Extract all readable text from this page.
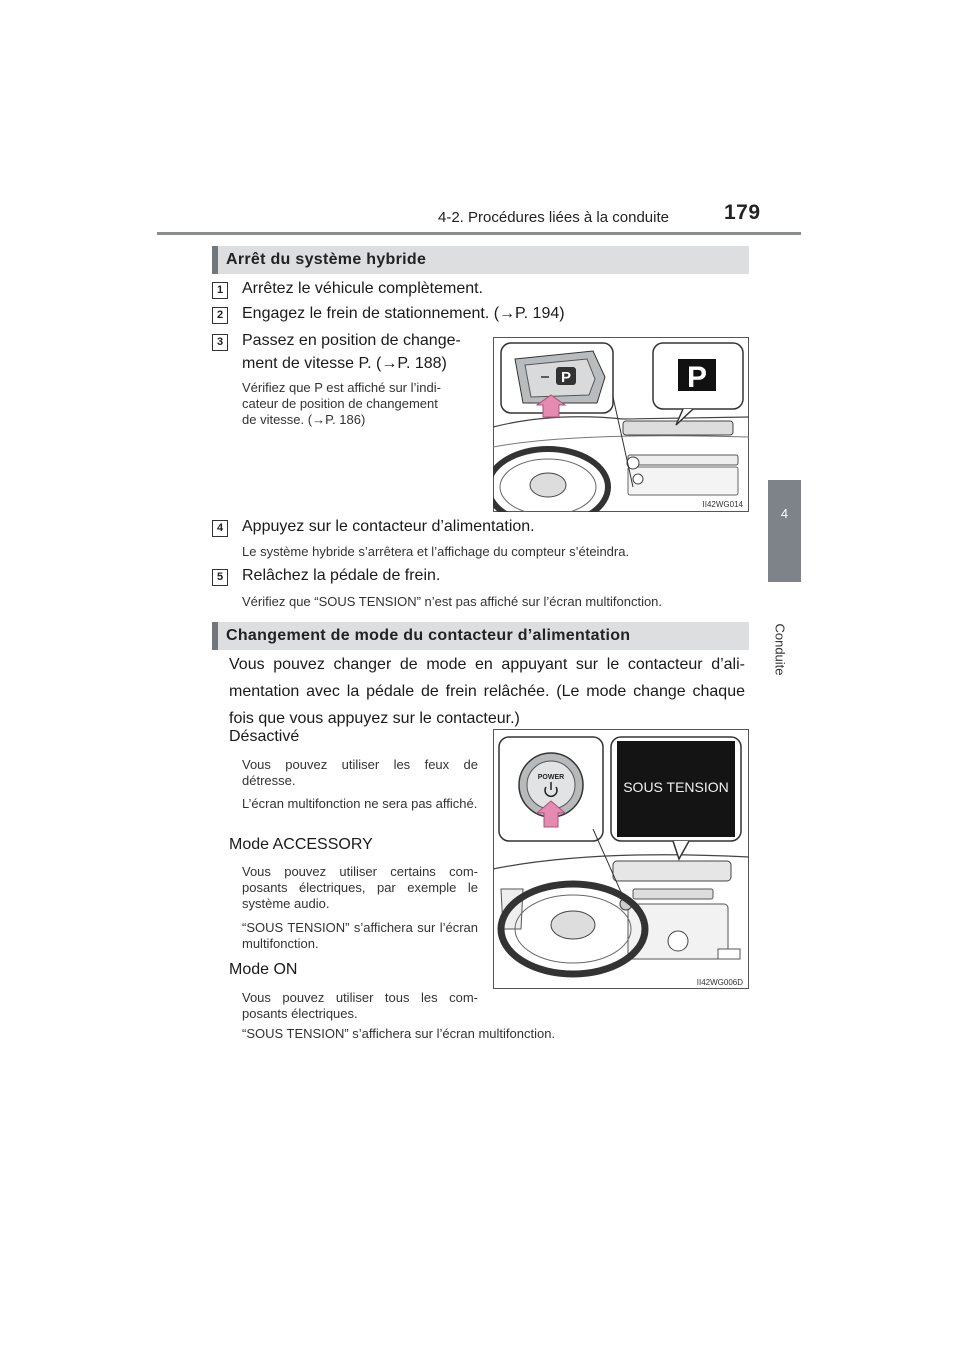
4-2. Procédures liées à la conduite	179
4
Conduite
Arrêt du système hybride
1	Arrêtez le véhicule complètement.
2	Engagez le frein de stationnement. (→P. 194)
3	Passez en position de change-
ment de vitesse P. (→P. 188)
Vérifiez que P est affiché sur l’indi-
cateur de position de changement
de vitesse. (→P. 186)
P	P
II42WG014
4	Appuyez sur le contacteur d’alimentation.
Le système hybride s’arrêtera et l’affichage du compteur s’éteindra.
5	Relâchez la pédale de frein.
Vérifiez que “SOUS TENSION” n’est pas affiché sur l’écran multifonction.
Changement de mode du contacteur d’alimentation
Vous pouvez changer de mode en appuyant sur le contacteur d’ali-mentation avec la pédale de frein relâchée. (Le mode change chaque fois que vous appuyez sur le contacteur.)
Désactivé
Vous pouvez utiliser les feux de détresse.
L’écran multifonction ne sera pas affiché.
Mode ACCESSORY
Vous pouvez utiliser certains com-posants électriques, par exemple le système audio.
“SOUS TENSION” s’affichera sur l’écran multifonction.
Mode ON
Vous pouvez utiliser tous les com-posants électriques.
“SOUS TENSION” s’affichera sur l’écran multifonction.
POWER
SOUS TENSION
II42WG006D
